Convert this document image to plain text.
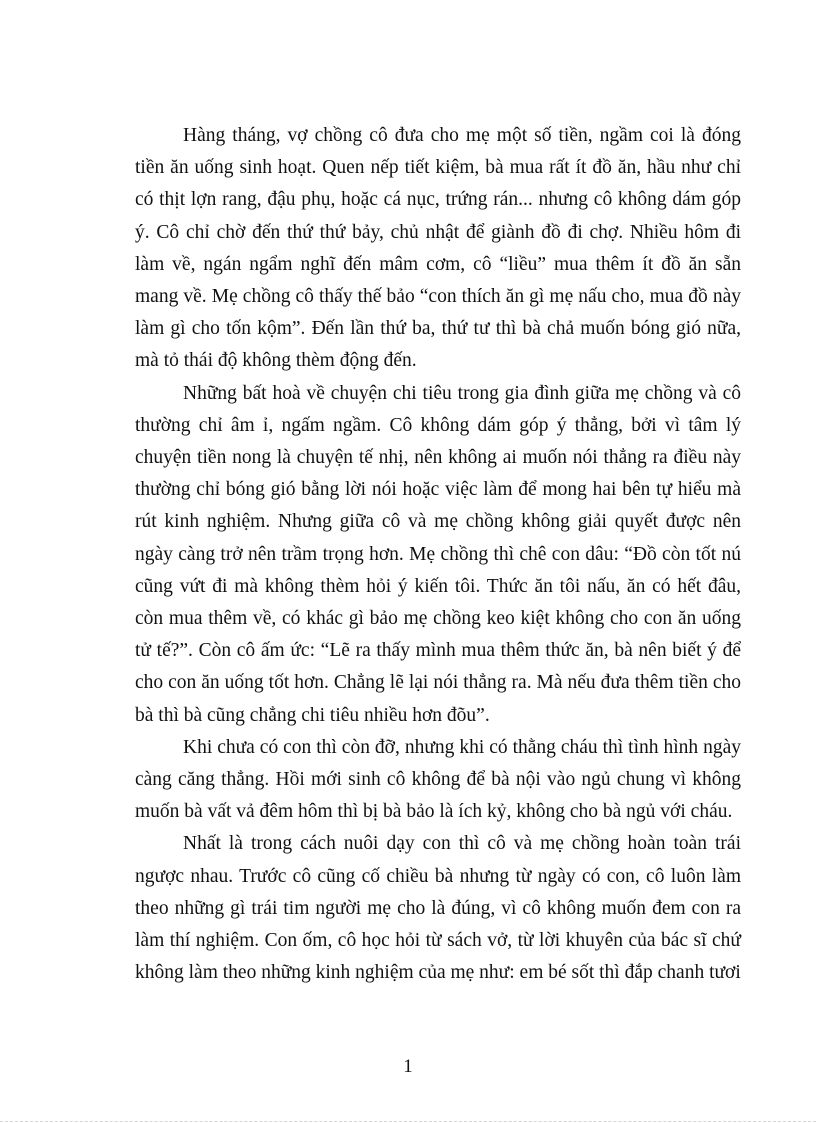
Hàng tháng, vợ chồng cô đưa cho mẹ một số tiền, ngầm coi là đóng tiền ăn uống sinh hoạt. Quen nếp tiết kiệm, bà mua rất ít đồ ăn, hầu như chỉ có thịt lợn rang, đậu phụ, hoặc cá nục, trứng rán... nhưng cô không dám góp ý. Cô chỉ chờ đến thứ thứ bảy, chủ nhật để giành đồ đi chợ. Nhiều hôm đi làm về, ngán ngẩm nghĩ đến mâm cơm, cô “liều” mua thêm ít đồ ăn sẵn mang về. Mẹ chồng cô thấy thế bảo “con thích ăn gì mẹ nấu cho, mua đồ này làm gì cho tốn kộm”. Đến lần thứ ba, thứ tư thì bà chả muốn bóng gió nữa, mà tỏ thái độ không thèm động đến.

Những bất hoà về chuyện chi tiêu trong gia đình giữa mẹ chồng và cô thường chỉ âm ỉ, ngấm ngầm. Cô không dám góp ý thẳng, bởi vì tâm lý chuyện tiền nong là chuyện tế nhị, nên không ai muốn nói thẳng ra điều này thường chỉ bóng gió bằng lời nói hoặc việc làm để mong hai bên tự hiểu mà rút kinh nghiệm. Nhưng giữa cô và mẹ chồng không giải quyết được nên ngày càng trở nên trầm trọng hơn. Mẹ chồng thì chê con dâu: “Đồ còn tốt nú cũng vứt đi mà không thèm hỏi ý kiến tôi. Thức ăn tôi nấu, ăn có hết đâu, còn mua thêm về, có khác gì bảo mẹ chồng keo kiệt không cho con ăn uống tử tế?”. Còn cô ấm ức: “Lẽ ra thấy mình mua thêm thức ăn, bà nên biết ý để cho con ăn uống tốt hơn. Chẳng lẽ lại nói thẳng ra. Mà nếu đưa thêm tiền cho bà thì bà cũng chẳng chi tiêu nhiều hơn đõu”.

Khi chưa có con thì còn đỡ, nhưng khi có thằng cháu thì tình hình ngày càng căng thẳng. Hồi mới sinh cô không để bà nội vào ngủ chung vì không muốn bà vất vả đêm hôm thì bị bà bảo là ích kỷ, không cho bà ngủ với cháu.

Nhất là trong cách nuôi dạy con thì cô và mẹ chồng hoàn toàn trái ngược nhau. Trước cô cũng cố chiều bà nhưng từ ngày có con, cô luôn làm theo những gì trái tim người mẹ cho là đúng, vì cô không muốn đem con ra làm thí nghiệm. Con ốm, cô học hỏi từ sách vở, từ lời khuyên của bác sĩ chứ không làm theo những kinh nghiệm của mẹ như: em bé sốt thì đắp chanh tươi

1
